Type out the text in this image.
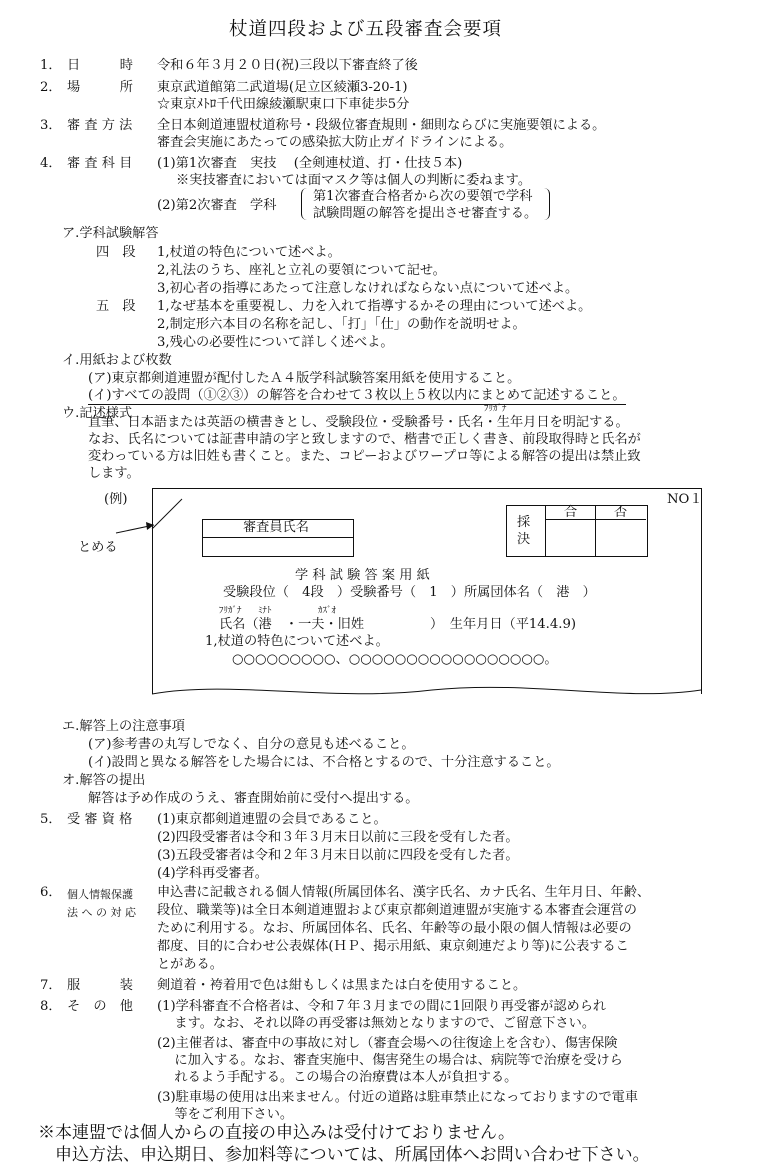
杖道四段および五段審査会要項
1． 日　　　時 令和６年３月２０日(祝)三段以下審査終了後
2． 場　　　所 東京武道館第二武道場(足立区綾瀬3-20-1)
☆東京ﾒﾄﾛ千代田線綾瀬駅東口下車徒歩5分
3． 審 査 方 法 全日本剣道連盟杖道称号・段級位審査規則・細則ならびに実施要領による。
審査会実施にあたっての感染拡大防止ガイドラインによる。
4． 審 査 科 目 (1)第1次審査　実技　 (全剣連杖道、打・仕技５本)
※実技審査においては面マスク等は個人の判断に委ねます。
(2)第2次審査　学科
第1次審査合格者から次の要領で学科
試験問題の解答を提出させ審査する。
ア.学科試験解答
四　段 1,杖道の特色について述べよ。
2,礼法のうち、座礼と立礼の要領について記せ。
3,初心者の指導にあたって注意しなければならない点について述べよ。
五　段 1,なぜ基本を重要視し、力を入れて指導するかその理由について述べよ。
2,制定形六本目の名称を記し、「打」「仕」の動作を説明せよ。
3,残心の必要性について詳しく述べよ。
イ.用紙および枚数
(ア)東京都剣道連盟が配付したＡ４版学科試験答案用紙を使用すること。
(イ)すべての設問（①②③）の解答を合わせて３枚以上５枚以内にまとめて記述すること。
ウ.記述様式	ﾌﾘｶﾞﾅ
直筆、日本語または英語の横書きとし、受験段位・受験番号・氏名・生年月日を明記する。
なお、氏名については証書申請の字と致しますので、楷書で正しく書き、前段取得時と氏名が
変わっている方は旧姓も書くこと。また、コピーおよびワープロ等による解答の提出は禁止致
します。
(例)
とめる
NO１
審査員氏名	採
決
合	否
学 科 試 験 答 案 用 紙
受験段位（　4段　）受験番号（　1　）所属団体名（　港　）
ﾌﾘｶﾞﾅ ﾐﾅﾄ	ｶｽﾞｵ
氏名（港　・一夫・旧姓　　　　　）　生年月日（平14.4.9)
1,杖道の特色について述べよ。
○○○○○○○○○、○○○○○○○○○○○○○○○○○。
エ.解答上の注意事項
(ア)参考書の丸写しでなく、自分の意見も述べること。
(イ)設問と異なる解答をした場合には、不合格とするので、十分注意すること。
オ.解答の提出
解答は予め作成のうえ、審査開始前に受付へ提出する。
5． 受 審 資 格 (1)東京都剣道連盟の会員であること。
(2)四段受審者は令和３年３月末日以前に三段を受有した者。
(3)五段受審者は令和２年３月末日以前に四段を受有した者。
(4)学科再受審者。
6． 個人情報保護
法 へ の 対 応
申込書に記載される個人情報(所属団体名、漢字氏名、カナ氏名、生年月日、年齢、
段位、職業等)は全日本剣道連盟および東京都剣道連盟が実施する本審査会運営の
ために利用する。なお、所属団体名、氏名、年齢等の最小限の個人情報は必要の
都度、目的に合わせ公表媒体(ＨＰ、掲示用紙、東京剣連だより等)に公表するこ
とがある。
7． 服　　　装 剣道着・袴着用で色は紺もしくは黒または白を使用すること。
8． そ　の　他 (1)学科審査不合格者は、令和７年３月までの間に1回限り再受審が認められ
　 ます。なお、それ以降の再受審は無効となりますので、ご留意下さい。
(2)主催者は、審査中の事故に対し（審査会場への往復途上を含む）、傷害保険
　 に加入する。なお、審査実施中、傷害発生の場合は、病院等で治療を受けら
　 れるよう手配する。この場合の治療費は本人が負担する。
(3)駐車場の使用は出来ません。付近の道路は駐車禁止になっておりますので電車
　 等をご利用下さい。
※本連盟では個人からの直接の申込みは受付けておりません。
　申込方法、申込期日、参加料等については、所属団体へお問い合わせ下さい。
